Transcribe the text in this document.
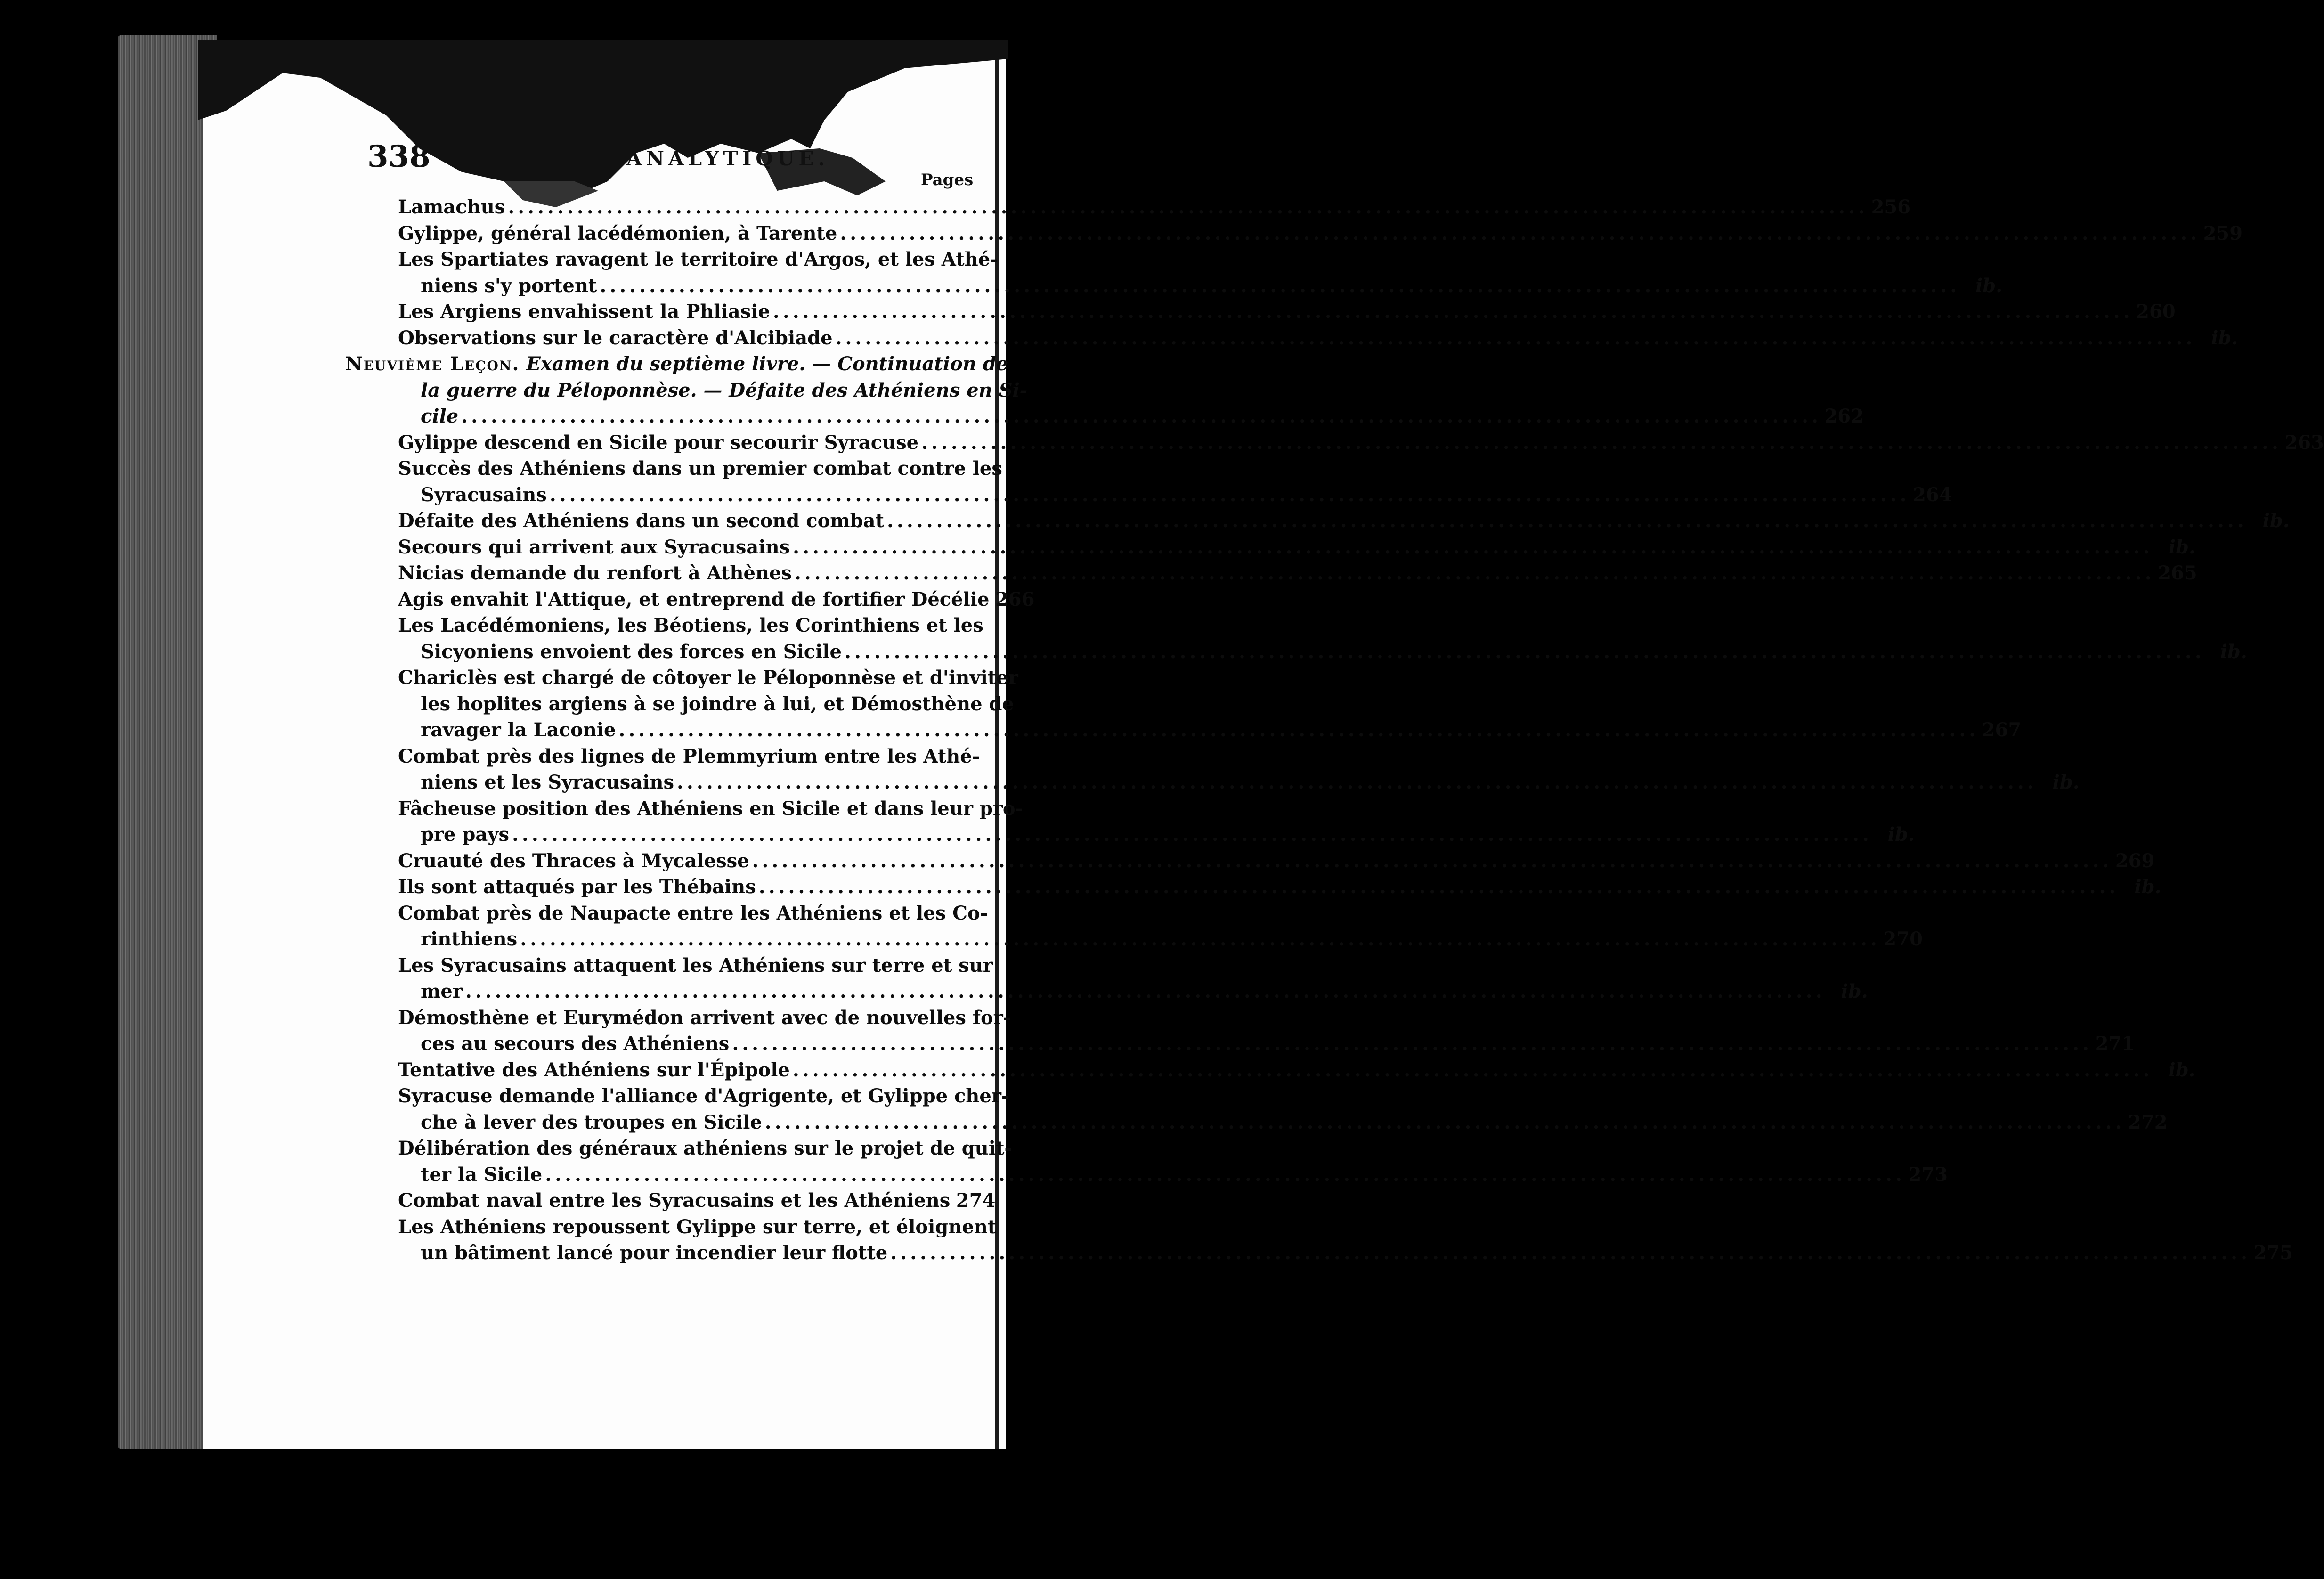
338	ANALYTIQUE.
Pages
Lamachus .....	256
Gylippe, général lacédémonien, à Tarente .....	259
Les Spartiates ravagent le territoire d'Argos, et les Athé-
niens s'y portent .....	ib.
Les Argiens envahissent la Phliasie .....	260
Observations sur le caractère d'Alcibiade .....	ib.
Neuvième Leçon. Examen du septième livre. — Continuation de
la guerre du Péloponnèse. — Défaite des Athéniens en Si-
cile .....	262
Gylippe descend en Sicile pour secourir Syracuse .....	263
Succès des Athéniens dans un premier combat contre les
Syracusains .....	264
Défaite des Athéniens dans un second combat .....	ib.
Secours qui arrivent aux Syracusains .....	ib.
Nicias demande du renfort à Athènes .....	265
Agis envahit l'Attique, et entreprend de fortifier Décélie 266
Les Lacédémoniens, les Béotiens, les Corinthiens et les
Sicyoniens envoient des forces en Sicile .....	ib.
Chariclès est chargé de côtoyer le Péloponnèse et d'inviter
les hoplites argiens à se joindre à lui, et Démosthène de
ravager la Laconie .....	267
Combat près des lignes de Plemmyrium entre les Athé-
niens et les Syracusains .....	ib.
Fâcheuse position des Athéniens en Sicile et dans leur pro-
pre pays .....	ib.
Cruauté des Thraces à Mycalesse .....	269
Ils sont attaqués par les Thébains .....	ib.
Combat près de Naupacte entre les Athéniens et les Co-
rinthiens .....	270
Les Syracusains attaquent les Athéniens sur terre et sur
mer .....	ib.
Démosthène et Eurymédon arrivent avec de nouvelles for-
ces au secours des Athéniens .....	271
Tentative des Athéniens sur l'Épipole .....	ib.
Syracuse demande l'alliance d'Agrigente, et Gylippe cher-
che à lever des troupes en Sicile .....	272
Délibération des généraux athéniens sur le projet de quit-
ter la Sicile .....	273
Combat naval entre les Syracusains et les Athéniens 274
Les Athéniens repoussent Gylippe sur terre, et éloignent
un bâtiment lancé pour incendier leur flotte .....	275
